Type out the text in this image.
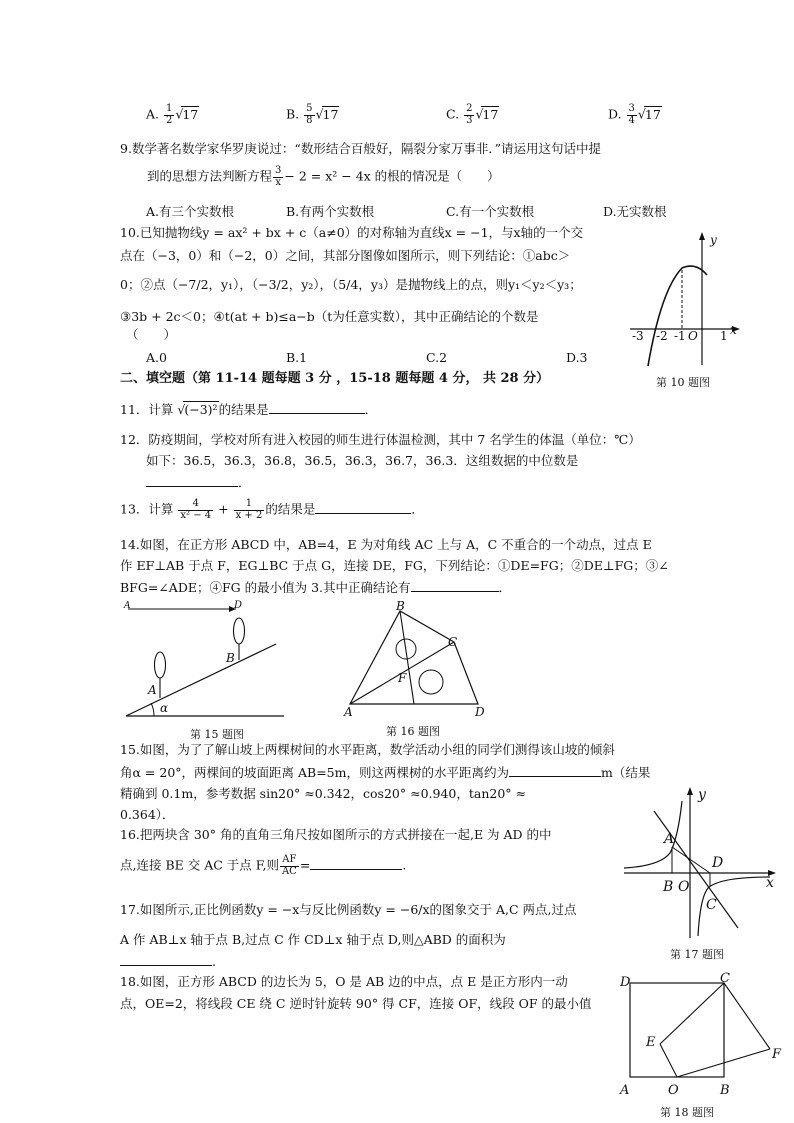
A. $\frac{1}{2} √17$	B. $\frac{5}{8} √17$	C. $\frac{2}{3} √17$	D. $\frac{3}{4} √17$
9.数学著名数学家华罗庚说过：“数形结合百般好，隔裂分家万事非．”请运用这句话中提
到的思想方法判断方程 $\frac{3}{x} - 2 = x^2 - 4x$ 的根的情况是（　　）
A.有三个实数根	B.有两个实数根	C.有一个实数根	D.无实数根
10.已知抛物线y = ax² + bx + c（a≠0）的对称轴为直线x = −1，与x轴的一个交
点在（−3，0）和（−2，0）之间，其部分图像如图所示，则下列结论：①abc＞
0；②点（−7/2，y₁），（−3/2，y₂），（5/4，y₃）是抛物线上的点，则y₁＜y₂＜y₃；
③3b + 2c＜0；④t(at + b)≤a−b（t为任意实数），其中正确结论的个数是
（　　）
A.0	B.1	C.2	D.3
y
x
-3 -2 -1 O 1
第 10 题图
二、填空题（第 11-14 题每题 3 分 ，15-18 题每题 4 分， 共 28 分）
11．计算 √(−3)²的结果是	．
12．防疫期间，学校对所有进入校园的师生进行体温检测，其中 7 名学生的体温（单位：℃）
如下：36.5，36.3，36.8，36.5，36.3，36.7，36.3．这组数据的中位数是
．
13．计算 $\frac{4}{\text{x² − 4}} + \frac{1}{x + 2}$ 的结果是	．
14.如图，在正方形 ABCD 中，AB=4，E 为对角线 AC 上与 A，C 不重合的一个动点，过点 E
作 EF⊥AB 于点 F，EG⊥BC 于点 G，连接 DE，FG，下列结论：①DE=FG；②DE⊥FG；③∠
BFG=∠ADE；④FG 的最小值为 3.其中正确结论有	．
A	D
A
B
α
第 15 题图
A
B
C
D
F
第 16 题图
15.如图，为了了解山坡上两棵树间的水平距离，数学活动小组的同学们测得该山坡的倾斜
角α = 20°，两棵间的坡面距离 AB=5m，则这两棵树的水平距离约为	m（结果
精确到 0.1m，参考数据 sin20° ≈0.342，cos20° ≈0.940，tan20° ≈
0.364）．
16.把两块含 30° 角的直角三角尺按如图所示的方式拼接在一起,E 为 AD 的中
点,连接 BE 交 AC 于点 F,则 $\frac{AF}{AC}$ =	.
17.如图所示,正比例函数y = −x与反比例函数y = −6/x的图象交于 A,C 两点,过点
A 作 AB⊥x 轴于点 B,过点 C 作 CD⊥x 轴于点 D,则△ABD 的面积为
.
y
x
A
B O
D
C
第 17 题图
18.如图，正方形 ABCD 的边长为 5，O 是 AB 边的中点，点 E 是正方形内一动
点，OE=2，将线段 CE 绕 C 逆时针旋转 90° 得 CF，连接 OF，线段 OF 的最小值
A	B
C
D
E
F
O
第 18 题图
